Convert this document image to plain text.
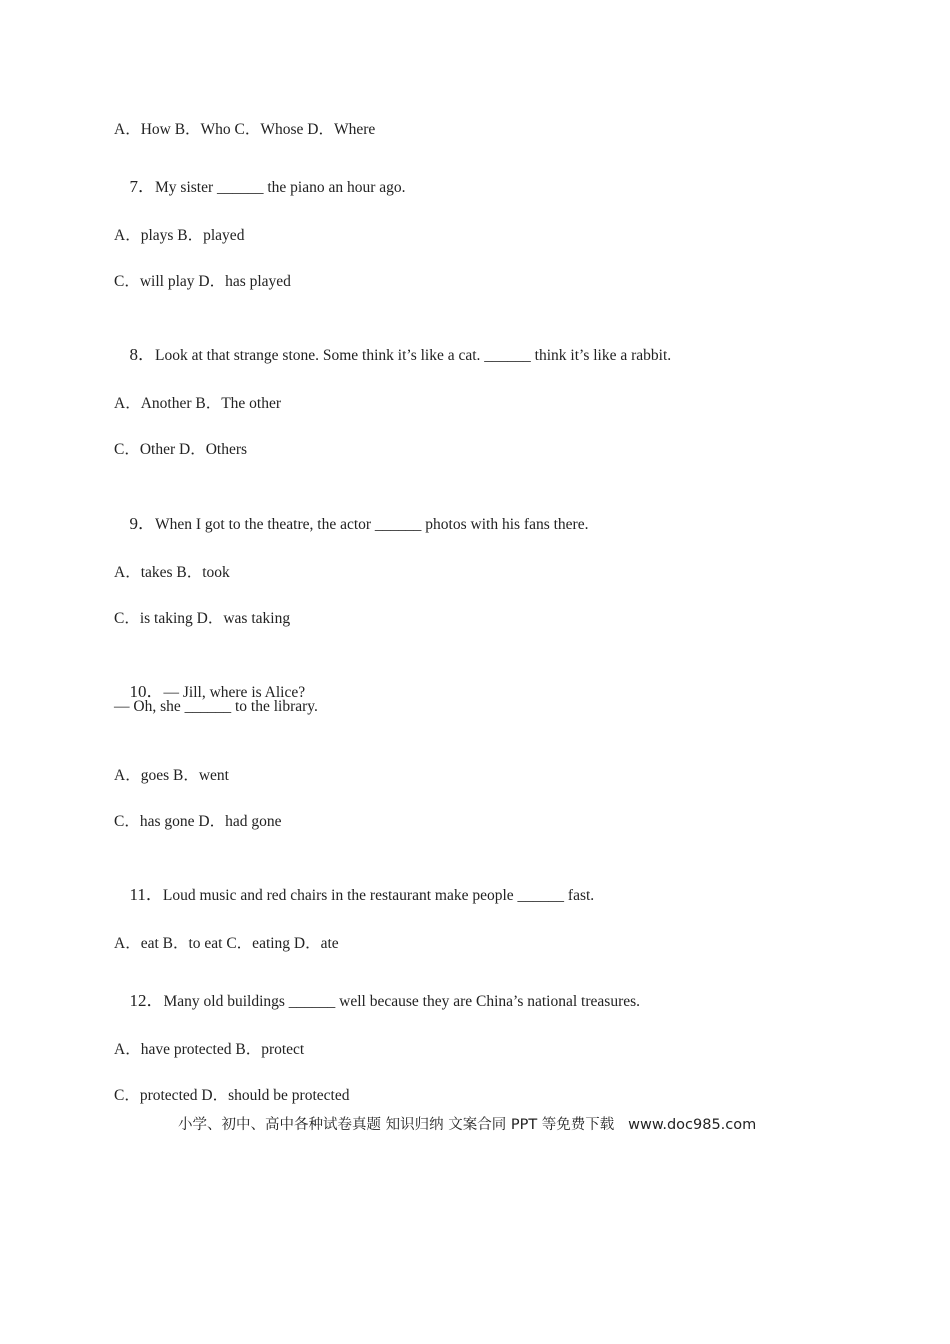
A．How B．Who C．Whose D．Where

7．My sister ______ the piano an hour ago.

A．plays B．played
C．will play D．has played

8．Look at that strange stone. Some think it’s like a cat. ______ think it’s like a rabbit.

A．Another B．The other
C．Other D．Others

9．When I got to the theatre, the actor ______ photos with his fans there.

A．takes B．took
C．is taking D．was taking

10．— Jill, where is Alice?

— Oh, she ______ to the library.
A．goes B．went
C．has gone D．had gone

11．Loud music and red chairs in the restaurant make people ______ fast.

A．eat B．to eat C．eating D．ate

12．Many old buildings ______ well because they are China’s national treasures.

A．have protected B．protect
C．protected D．should be protected
小学、初中、高中各种试卷真题 知识归纳 文案合同 PPT 等免费下载   www.doc985.com
